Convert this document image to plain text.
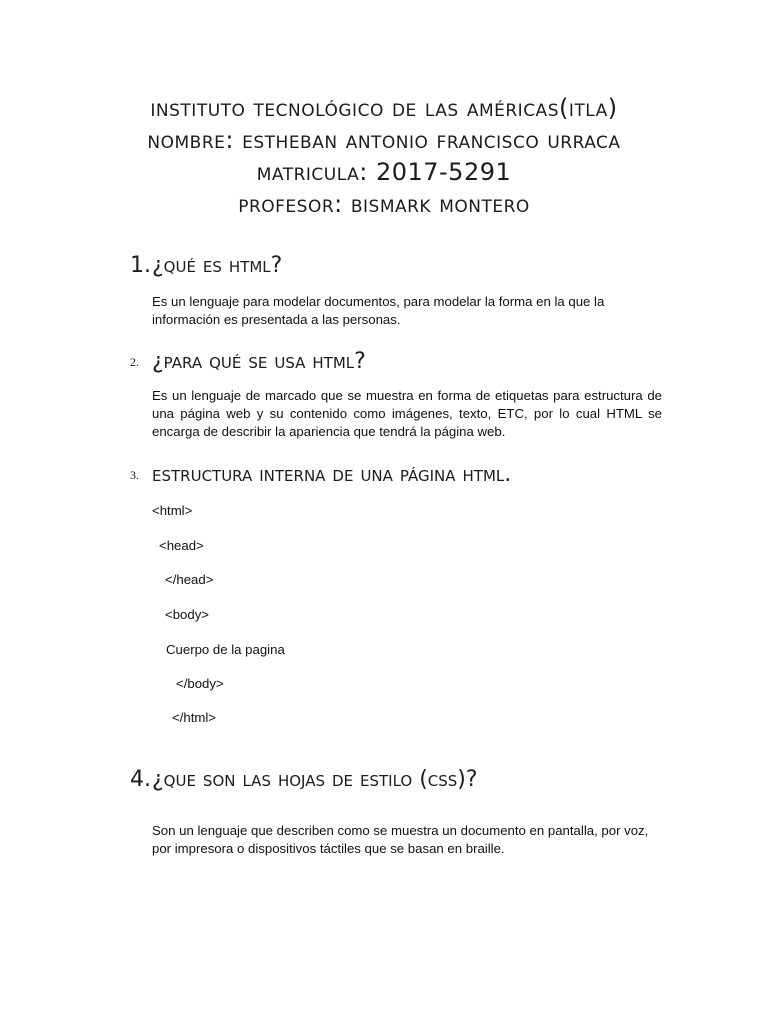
instituto tecnológico de las américas(itla)
nombre: estheban antonio francisco urraca
matricula: 2017-5291
profesor: bismark montero
1.¿qué es html?
Es un lenguaje para modelar documentos, para modelar la forma en la que la información es presentada a las personas.
2. ¿para qué se usa html?
Es un lenguaje de marcado que se muestra en forma de etiquetas para estructura de una página web y su contenido como imágenes, texto, ETC, por lo cual HTML se encarga de describir la apariencia que tendrá la página web.
3. estructura interna de una página html.
<html>
<head>
</head>
<body>
Cuerpo de la pagina
</body>
</html>
4.¿que son las hojas de estilo (css)?
Son un lenguaje que describen como se muestra un documento en pantalla, por voz, por impresora o dispositivos táctiles que se basan en braille.
